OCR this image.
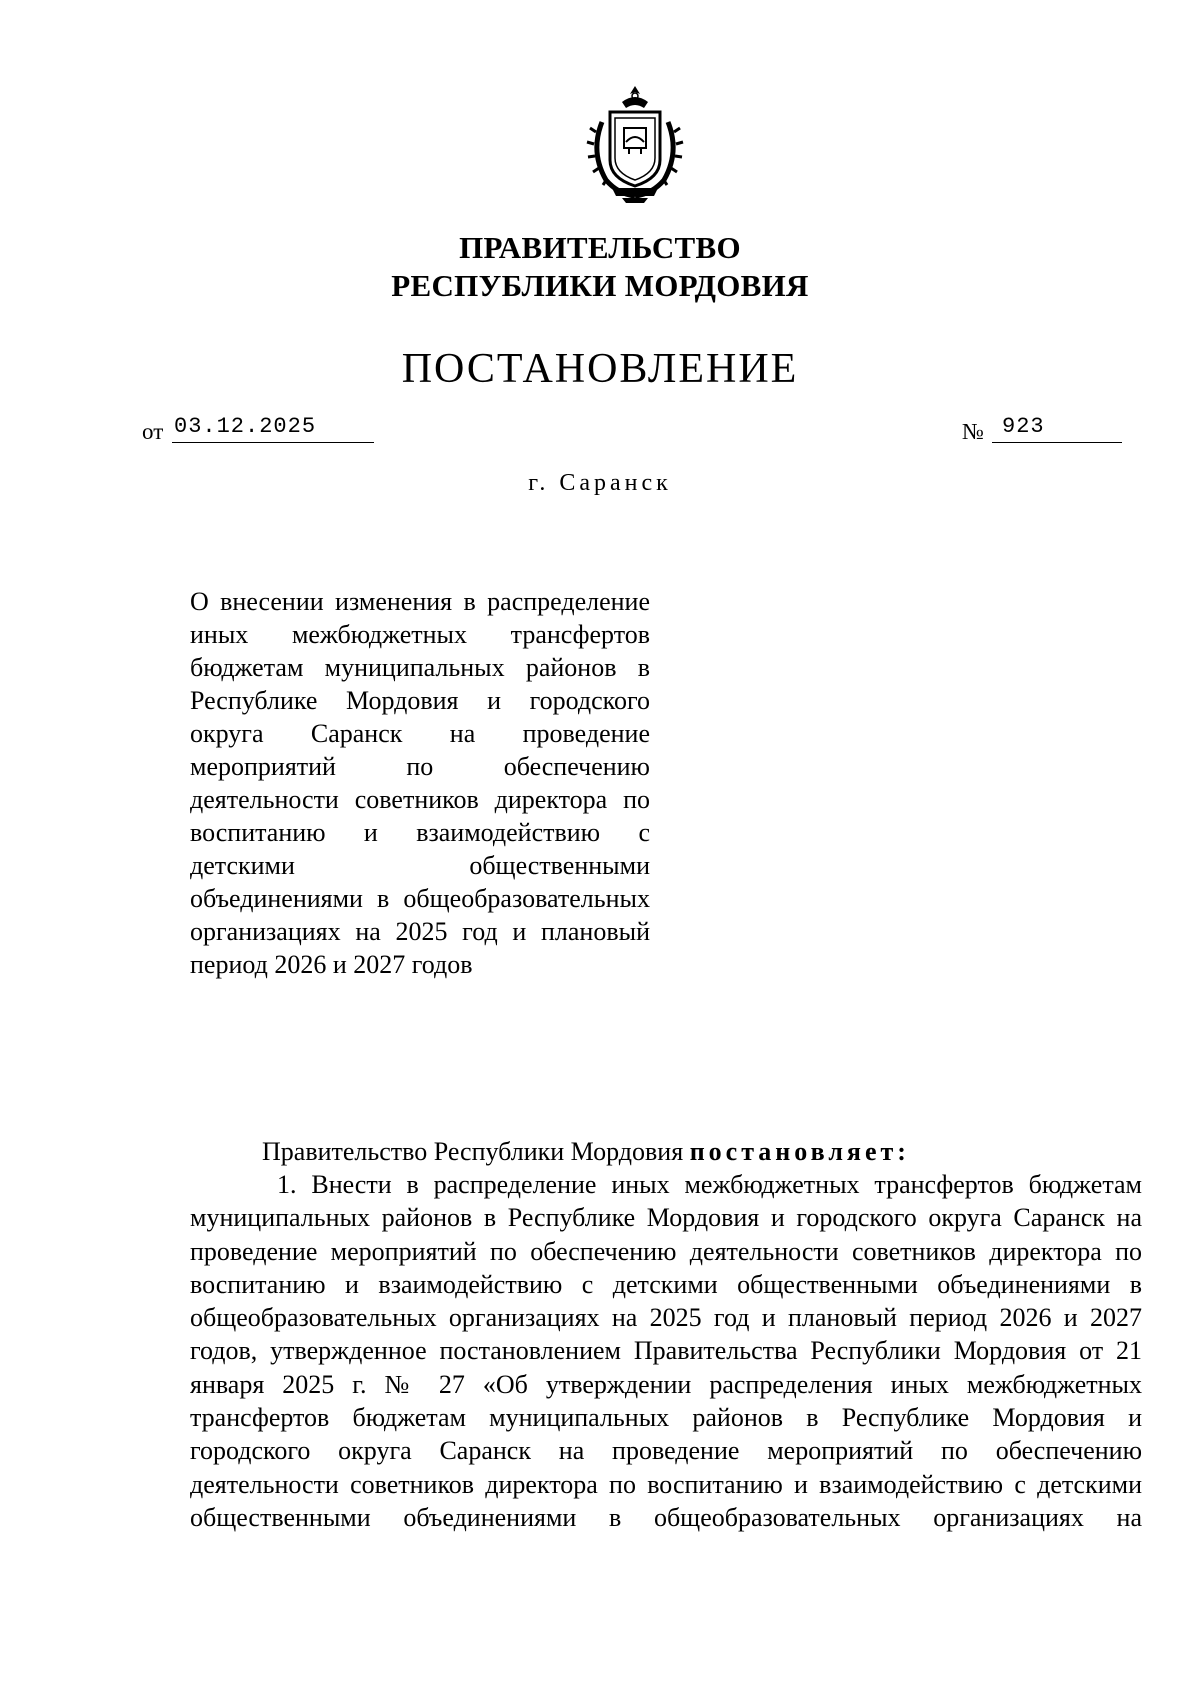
ПРАВИТЕЛЬСТВО
РЕСПУБЛИКИ МОРДОВИЯ
ПОСТАНОВЛЕНИЕ
от 03.12.2025	№ 923
г. Саранск
О внесении изменения в распределение иных межбюджетных трансфертов бюджетам муниципальных районов в Республике Мордовия и городского округа Саранск на проведение мероприятий по обеспечению деятельности советников директора по воспитанию и взаимодействию с детскими общественными объединениями в общеобразовательных организациях на 2025 год и плановый период 2026 и 2027 годов
Правительство Республики Мордовия постановляет:
1. Внести в распределение иных межбюджетных трансфертов бюджетам муниципальных районов в Республике Мордовия и городского округа Саранск на проведение мероприятий по обеспечению деятельности советников директора по воспитанию и взаимодействию с детскими общественными объединениями в общеобразовательных организациях на 2025 год и плановый период 2026 и 2027 годов, утвержденное постановлением Правительства Республики Мордовия от 21 января 2025 г. № 27 «Об утверждении распределения иных межбюджетных трансфертов бюджетам муниципальных районов в Республике Мордовия и городского округа Саранск на проведение мероприятий по обеспечению деятельности советников директора по воспитанию и взаимодействию с детскими общественными объединениями в общеобразовательных организациях на
